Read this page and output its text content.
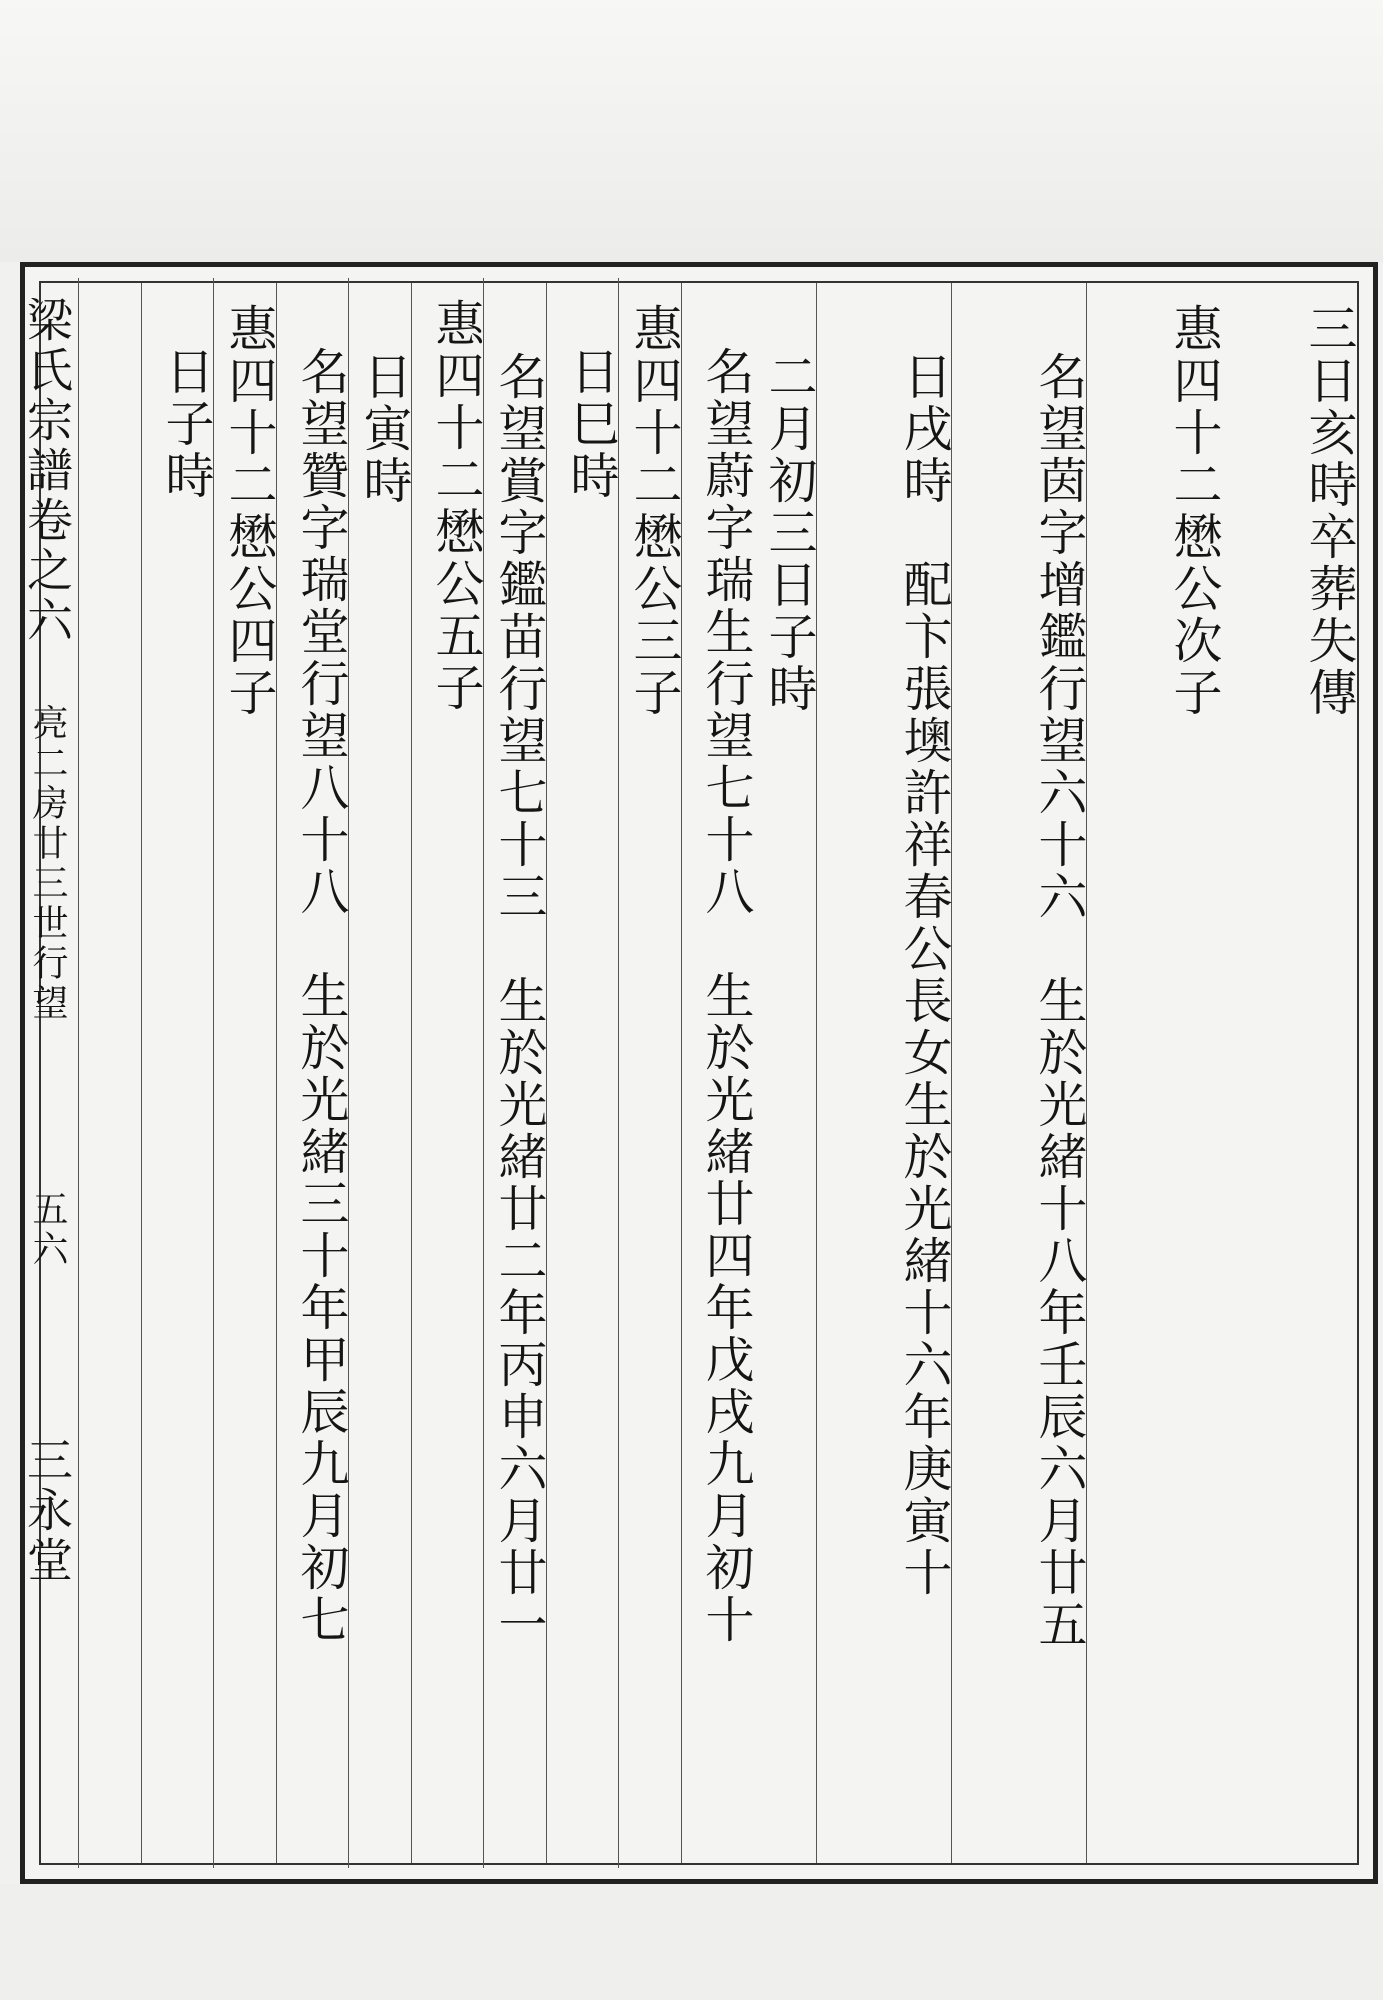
三日亥時卒葬失傳
惠四十二懋公次子
名望茵字增鑑行望六十六　生於光緒十八年壬辰六月廿五
日戌時　配卞張墺許祥春公長女生於光緒十六年庚寅十
二月初三日子時
惠四十二懋公三子
名望賞字鑑苗行望七十三　生於光緒廿二年丙申六月廿一
日寅時
惠四十二懋公四子	名望蔚字瑞生行望七十八　生於光緒廿四年戊戌九月初十
日巳時
惠四十二懋公五子
名望贊字瑞堂行望八十八　生於光緒三十年甲辰九月初七
日子時
梁氏宗譜卷之六 亮二房廿三世行望  五六  三永堂
